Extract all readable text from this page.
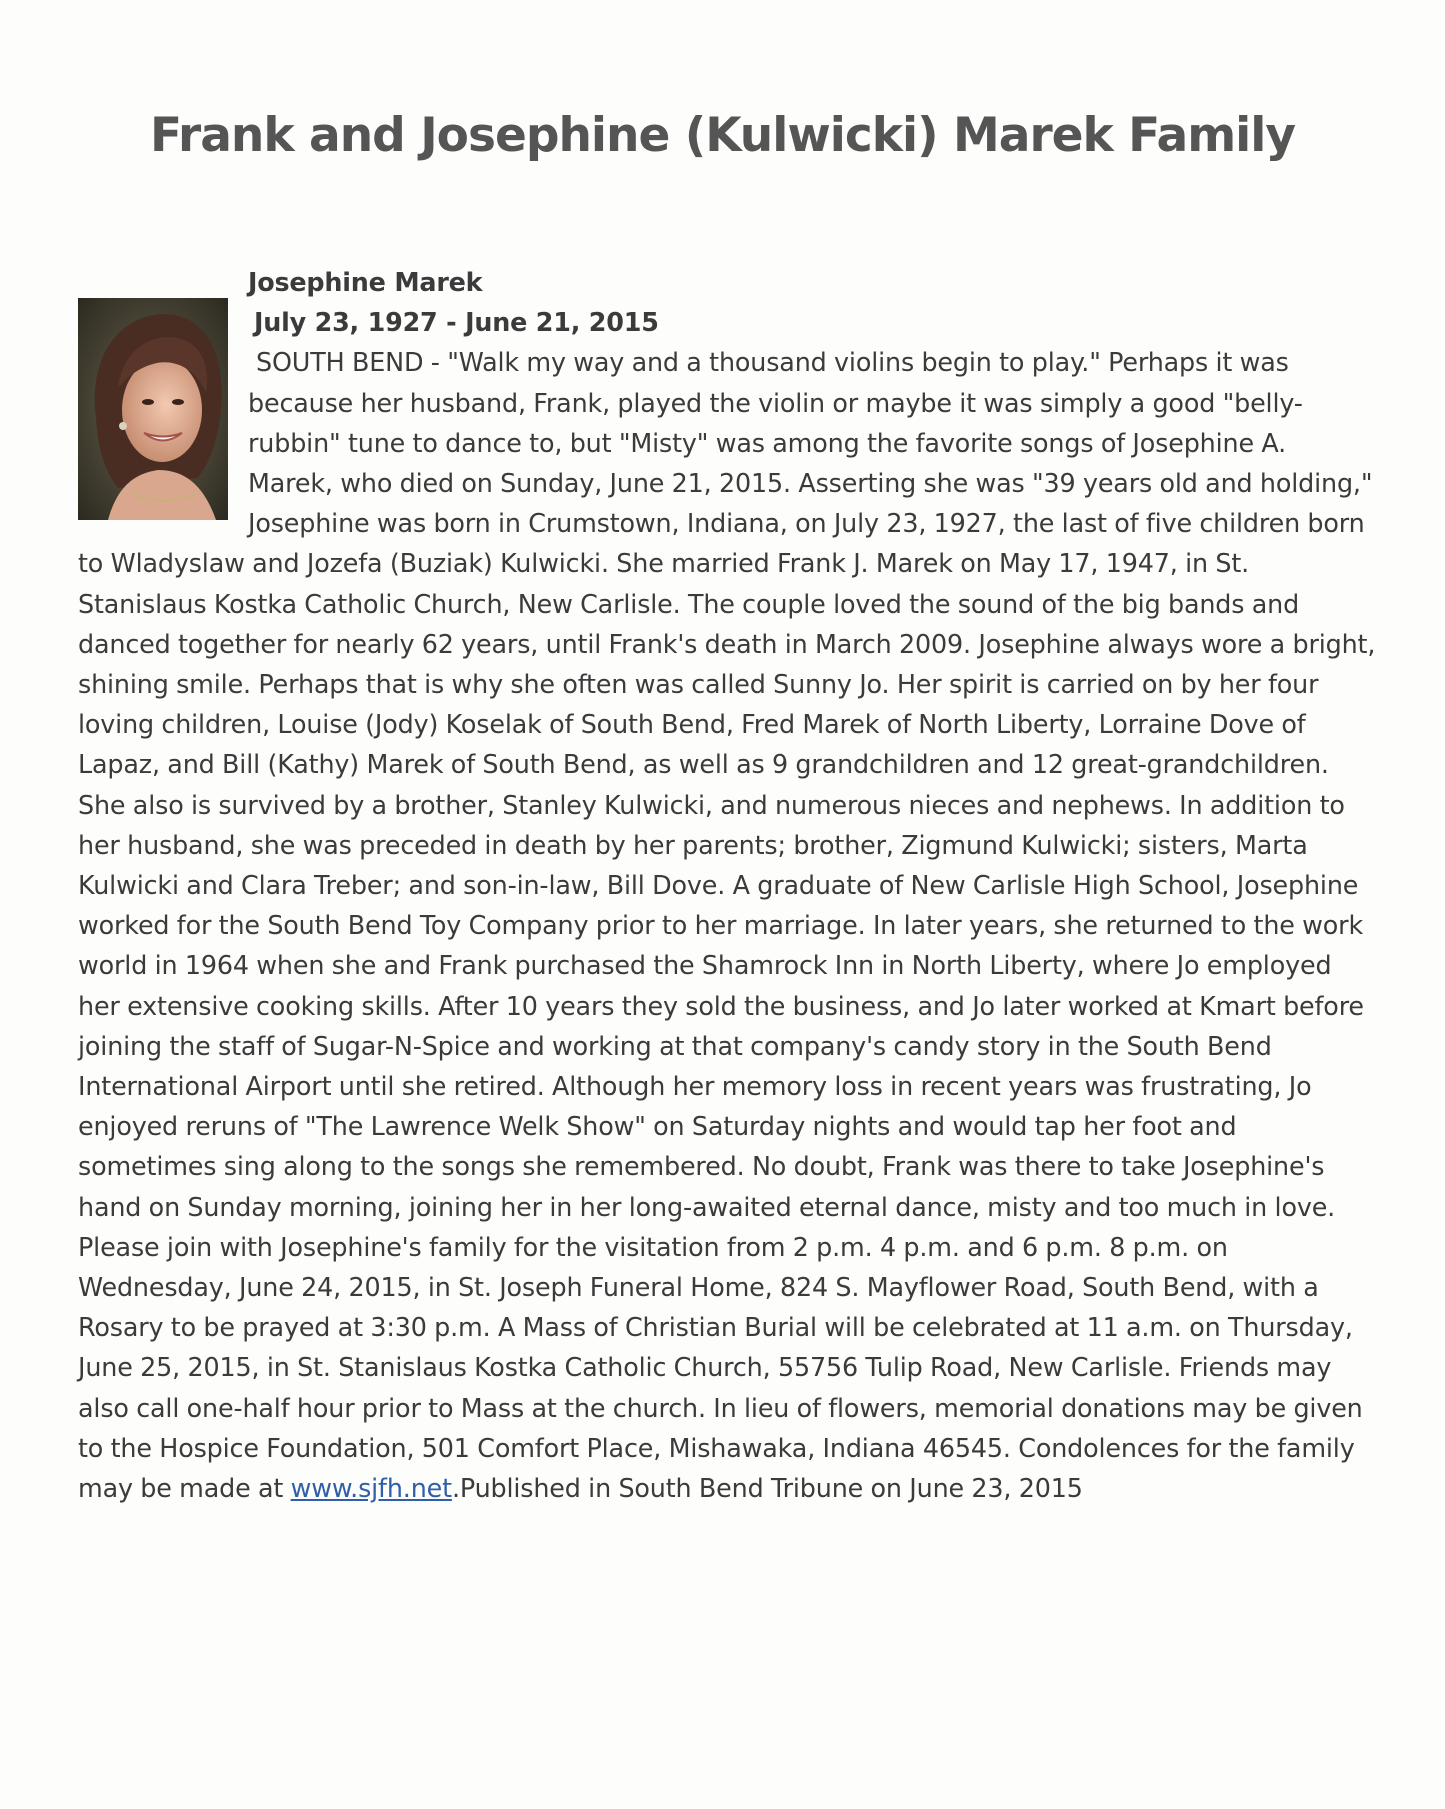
Frank and Josephine (Kulwicki) Marek Family
Josephine Marek
July 23, 1927 - June 21, 2015
SOUTH BEND - "Walk my way and a thousand violins begin to play." Perhaps it was because her husband, Frank, played the violin or maybe it was simply a good "belly-rubbin" tune to dance to, but "Misty" was among the favorite songs of Josephine A. Marek, who died on Sunday, June 21, 2015. Asserting she was "39 years old and holding," Josephine was born in Crumstown, Indiana, on July 23, 1927, the last of five children born to Wladyslaw and Jozefa (Buziak) Kulwicki. She married Frank J. Marek on May 17, 1947, in St. Stanislaus Kostka Catholic Church, New Carlisle. The couple loved the sound of the big bands and danced together for nearly 62 years, until Frank's death in March 2009. Josephine always wore a bright, shining smile. Perhaps that is why she often was called Sunny Jo. Her spirit is carried on by her four loving children, Louise (Jody) Koselak of South Bend, Fred Marek of North Liberty, Lorraine Dove of Lapaz, and Bill (Kathy) Marek of South Bend, as well as 9 grandchildren and 12 great-grandchildren. She also is survived by a brother, Stanley Kulwicki, and numerous nieces and nephews. In addition to her husband, she was preceded in death by her parents; brother, Zigmund Kulwicki; sisters, Marta Kulwicki and Clara Treber; and son-in-law, Bill Dove. A graduate of New Carlisle High School, Josephine worked for the South Bend Toy Company prior to her marriage. In later years, she returned to the work world in 1964 when she and Frank purchased the Shamrock Inn in North Liberty, where Jo employed her extensive cooking skills. After 10 years they sold the business, and Jo later worked at Kmart before joining the staff of Sugar-N-Spice and working at that company's candy story in the South Bend International Airport until she retired. Although her memory loss in recent years was frustrating, Jo enjoyed reruns of "The Lawrence Welk Show" on Saturday nights and would tap her foot and sometimes sing along to the songs she remembered. No doubt, Frank was there to take Josephine's hand on Sunday morning, joining her in her long-awaited eternal dance, misty and too much in love. Please join with Josephine's family for the visitation from 2 p.m. 4 p.m. and 6 p.m. 8 p.m. on Wednesday, June 24, 2015, in St. Joseph Funeral Home, 824 S. Mayflower Road, South Bend, with a Rosary to be prayed at 3:30 p.m. A Mass of Christian Burial will be celebrated at 11 a.m. on Thursday, June 25, 2015, in St. Stanislaus Kostka Catholic Church, 55756 Tulip Road, New Carlisle. Friends may also call one-half hour prior to Mass at the church. In lieu of flowers, memorial donations may be given to the Hospice Foundation, 501 Comfort Place, Mishawaka, Indiana 46545. Condolences for the family may be made at www.sjfh.net.Published in South Bend Tribune on June 23, 2015
